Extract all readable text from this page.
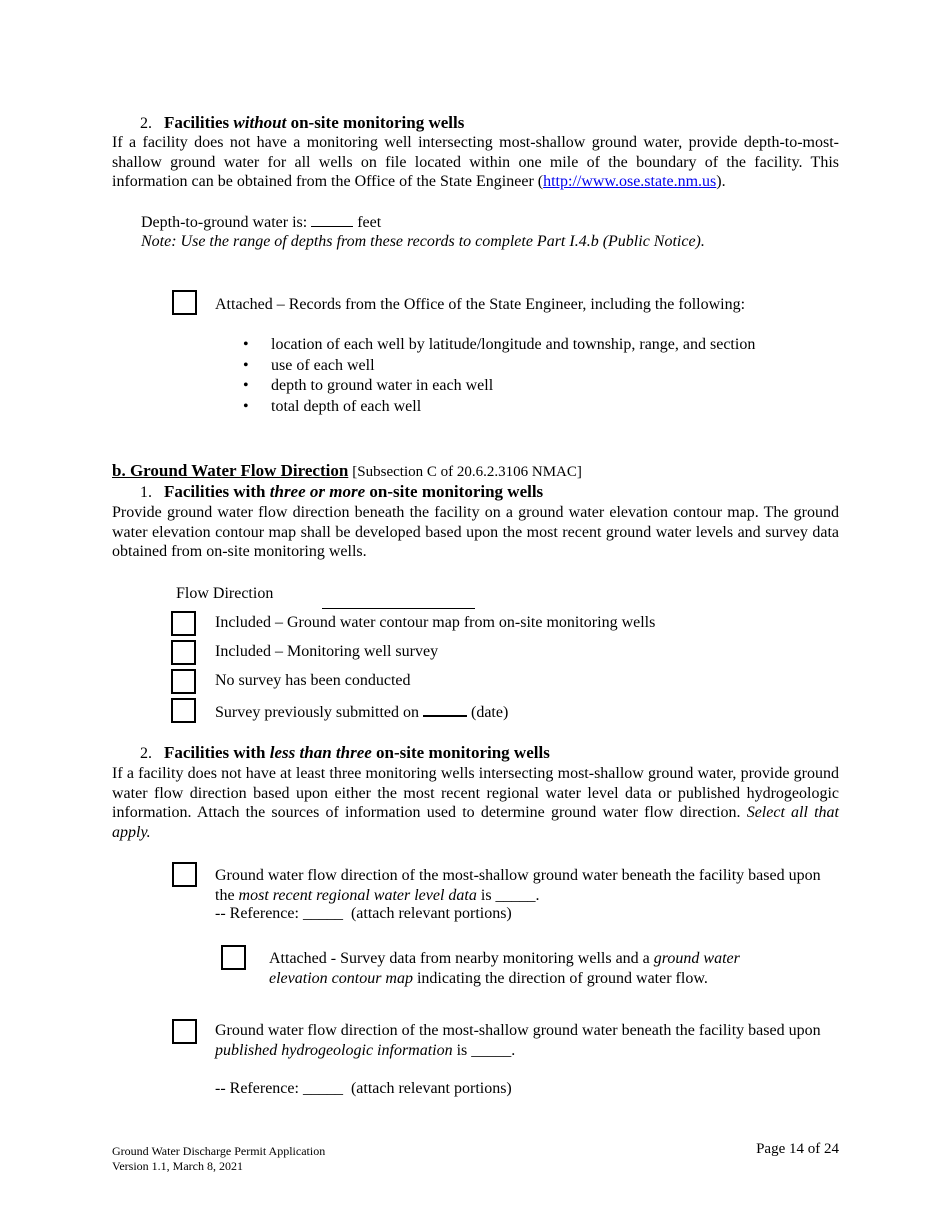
2. Facilities without on-site monitoring wells
If a facility does not have a monitoring well intersecting most-shallow ground water, provide depth-to-most-shallow ground water for all wells on file located within one mile of the boundary of the facility. This information can be obtained from the Office of the State Engineer (http://www.ose.state.nm.us).
Depth-to-ground water is:	feet
Note: Use the range of depths from these records to complete Part I.4.b (Public Notice).
Attached – Records from the Office of the State Engineer, including the following:
• location of each well by latitude/longitude and township, range, and section
• use of each well
• depth to ground water in each well
• total depth of each well
b. Ground Water Flow Direction [Subsection C of 20.6.2.3106 NMAC]
1. Facilities with three or more on-site monitoring wells
Provide ground water flow direction beneath the facility on a ground water elevation contour map. The ground water elevation contour map shall be developed based upon the most recent ground water levels and survey data obtained from on-site monitoring wells.
Flow Direction
Included – Ground water contour map from on-site monitoring wells
Included – Monitoring well survey
No survey has been conducted
Survey previously submitted on	(date)
2. Facilities with less than three on-site monitoring wells
If a facility does not have at least three monitoring wells intersecting most-shallow ground water, provide ground water flow direction based upon either the most recent regional water level data or published hydrogeologic information. Attach the sources of information used to determine ground water flow direction. Select all that apply.
Ground water flow direction of the most-shallow ground water beneath the facility based upon the most recent regional water level data is _____.
-- Reference: _____ (attach relevant portions)
Attached - Survey data from nearby monitoring wells and a ground water elevation contour map indicating the direction of ground water flow.
Ground water flow direction of the most-shallow ground water beneath the facility based upon published hydrogeologic information is _____.
-- Reference: _____ (attach relevant portions)
Ground Water Discharge Permit Application
Version 1.1, March 8, 2021
Page 14 of 24
